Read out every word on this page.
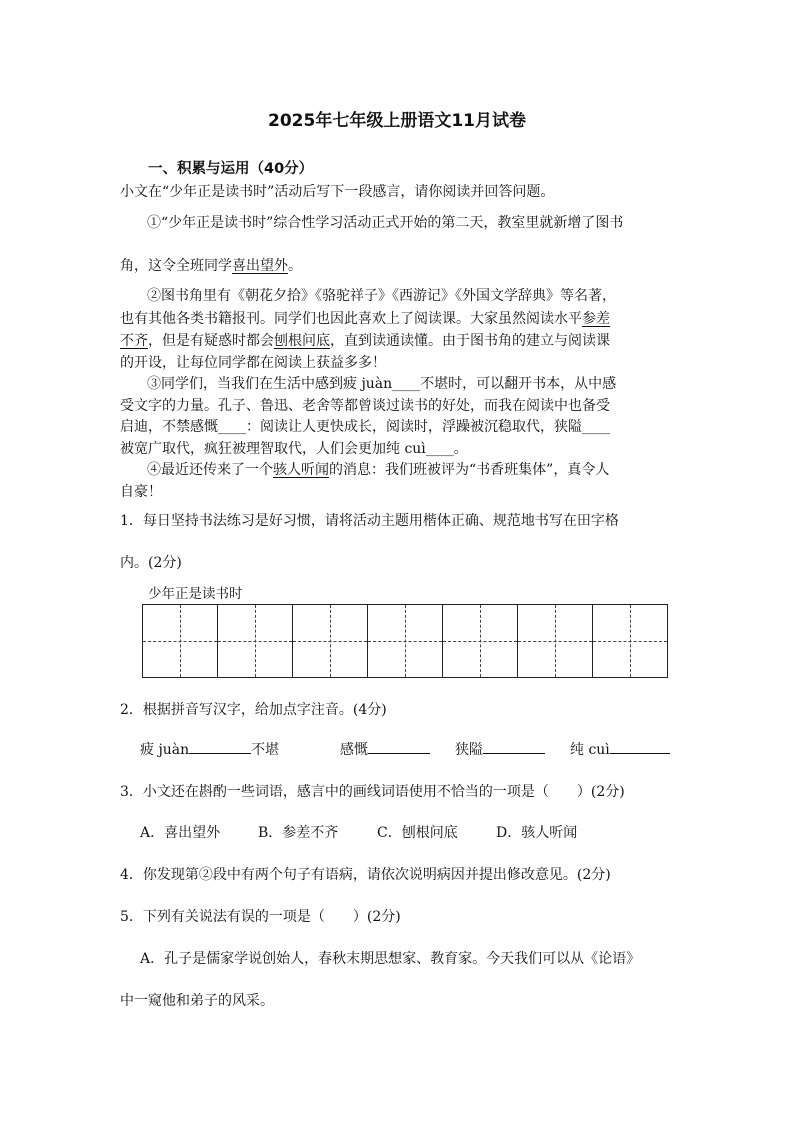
2025年七年级上册语文11月试卷
一、积累与运用（40分）
小文在“少年正是读书时”活动后写下一段感言，请你阅读并回答问题。
①“少年正是读书时”综合性学习活动正式开始的第二天，教室里就新增了图书
角，这令全班同学喜出望外。
②图书角里有《朝花夕拾》《骆驼祥子》《西游记》《外国文学辞典》等名著，
也有其他各类书籍报刊。同学们也因此喜欢上了阅读课。大家虽然阅读水平参差
不齐，但是有疑惑时都会刨根问底，直到读通读懂。由于图书角的建立与阅读课
的开设，让每位同学都在阅读上获益多多！
③同学们，当我们在生活中感到疲 juàn____不堪时，可以翻开书本，从中感
受文字的力量。孔子、鲁迅、老舍等都曾谈过读书的好处，而我在阅读中也备受
启迪，不禁感慨____：阅读让人更快成长，阅读时，浮躁被沉稳取代，狭隘____
被宽广取代，疯狂被理智取代，人们会更加纯 cuì____。
④最近还传来了一个骇人听闻的消息：我们班被评为“书香班集体”，真令人
自豪！
1．每日坚持书法练习是好习惯，请将活动主题用楷体正确、规范地书写在田字格
内。(2分)
少年正是读书时
2．根据拼音写汉字，给加点字注音。(4分)
疲 juàn	不堪	感慨	狭隘	纯 cuì
3．小文还在斟酌一些词语，感言中的画线词语使用不恰当的一项是（　　）(2分)
A．喜出望外	B．参差不齐	C．刨根问底	D．骇人听闻
4．你发现第②段中有两个句子有语病，请依次说明病因并提出修改意见。(2分)
5．下列有关说法有误的一项是（　　）(2分)
A．孔子是儒家学说创始人，春秋末期思想家、教育家。今天我们可以从《论语》
中一窥他和弟子的风采。
